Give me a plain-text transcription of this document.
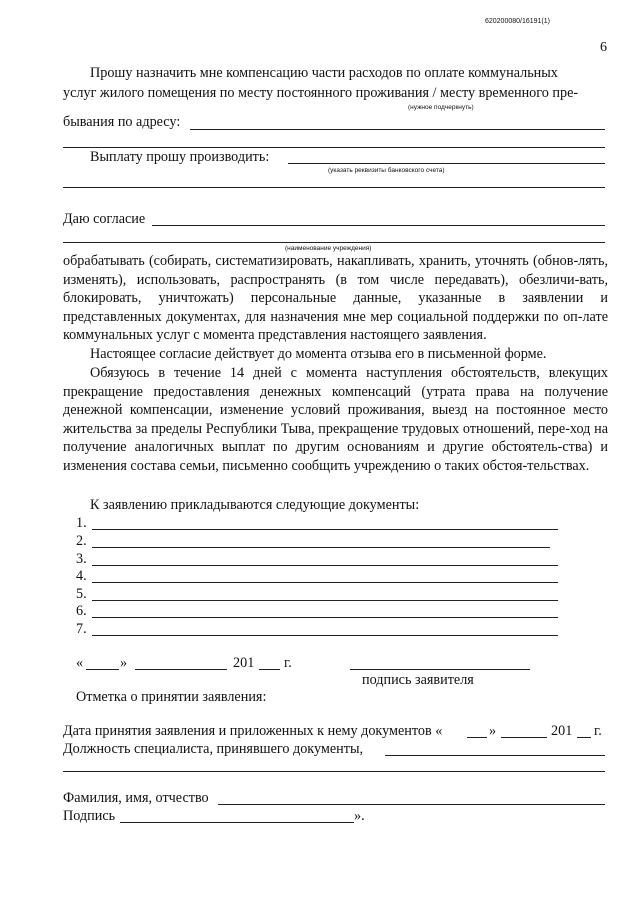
620200080/16191(1)
6
Прошу назначить мне компенсацию части расходов по оплате коммунальных
услуг жилого помещения по месту постоянного проживания / месту временного пре-
(нужное подчеркнуть)
бывания по адресу:
Выплату прошу производить:
(указать реквизиты банковского счета)
Даю согласие
(наименование учреждения)
обрабатывать (собирать, систематизировать, накапливать, хранить, уточнять (обнов-лять, изменять), использовать, распространять (в том числе передавать), обезличи-вать, блокировать, уничтожать) персональные данные, указанные в заявлении и представленных документах, для назначения мне мер социальной поддержки по оп-лате коммунальных услуг с момента представления настоящего заявления.
Настоящее согласие действует до момента отзыва его в письменной форме.
Обязуюсь в течение 14 дней с момента наступления обстоятельств, влекущих прекращение предоставления денежных компенсаций (утрата права на получение денежной компенсации, изменение условий проживания, выезд на постоянное место жительства за пределы Республики Тыва, прекращение трудовых отношений, пере-ход на получение аналогичных выплат по другим основаниям и другие обстоятель-ства) и изменения состава семьи, письменно сообщить учреждению о таких обстоя-тельствах.
К заявлению прикладываются следующие документы:
1.
2.
3.
4.
5.
6.
7.
«	»	201 г.
подпись заявителя
Отметка о принятии заявления:
Дата принятия заявления и приложенных к нему документов «	»	201 г.
Должность специалиста, принявшего документы,
Фамилия, имя, отчество
Подпись	».
